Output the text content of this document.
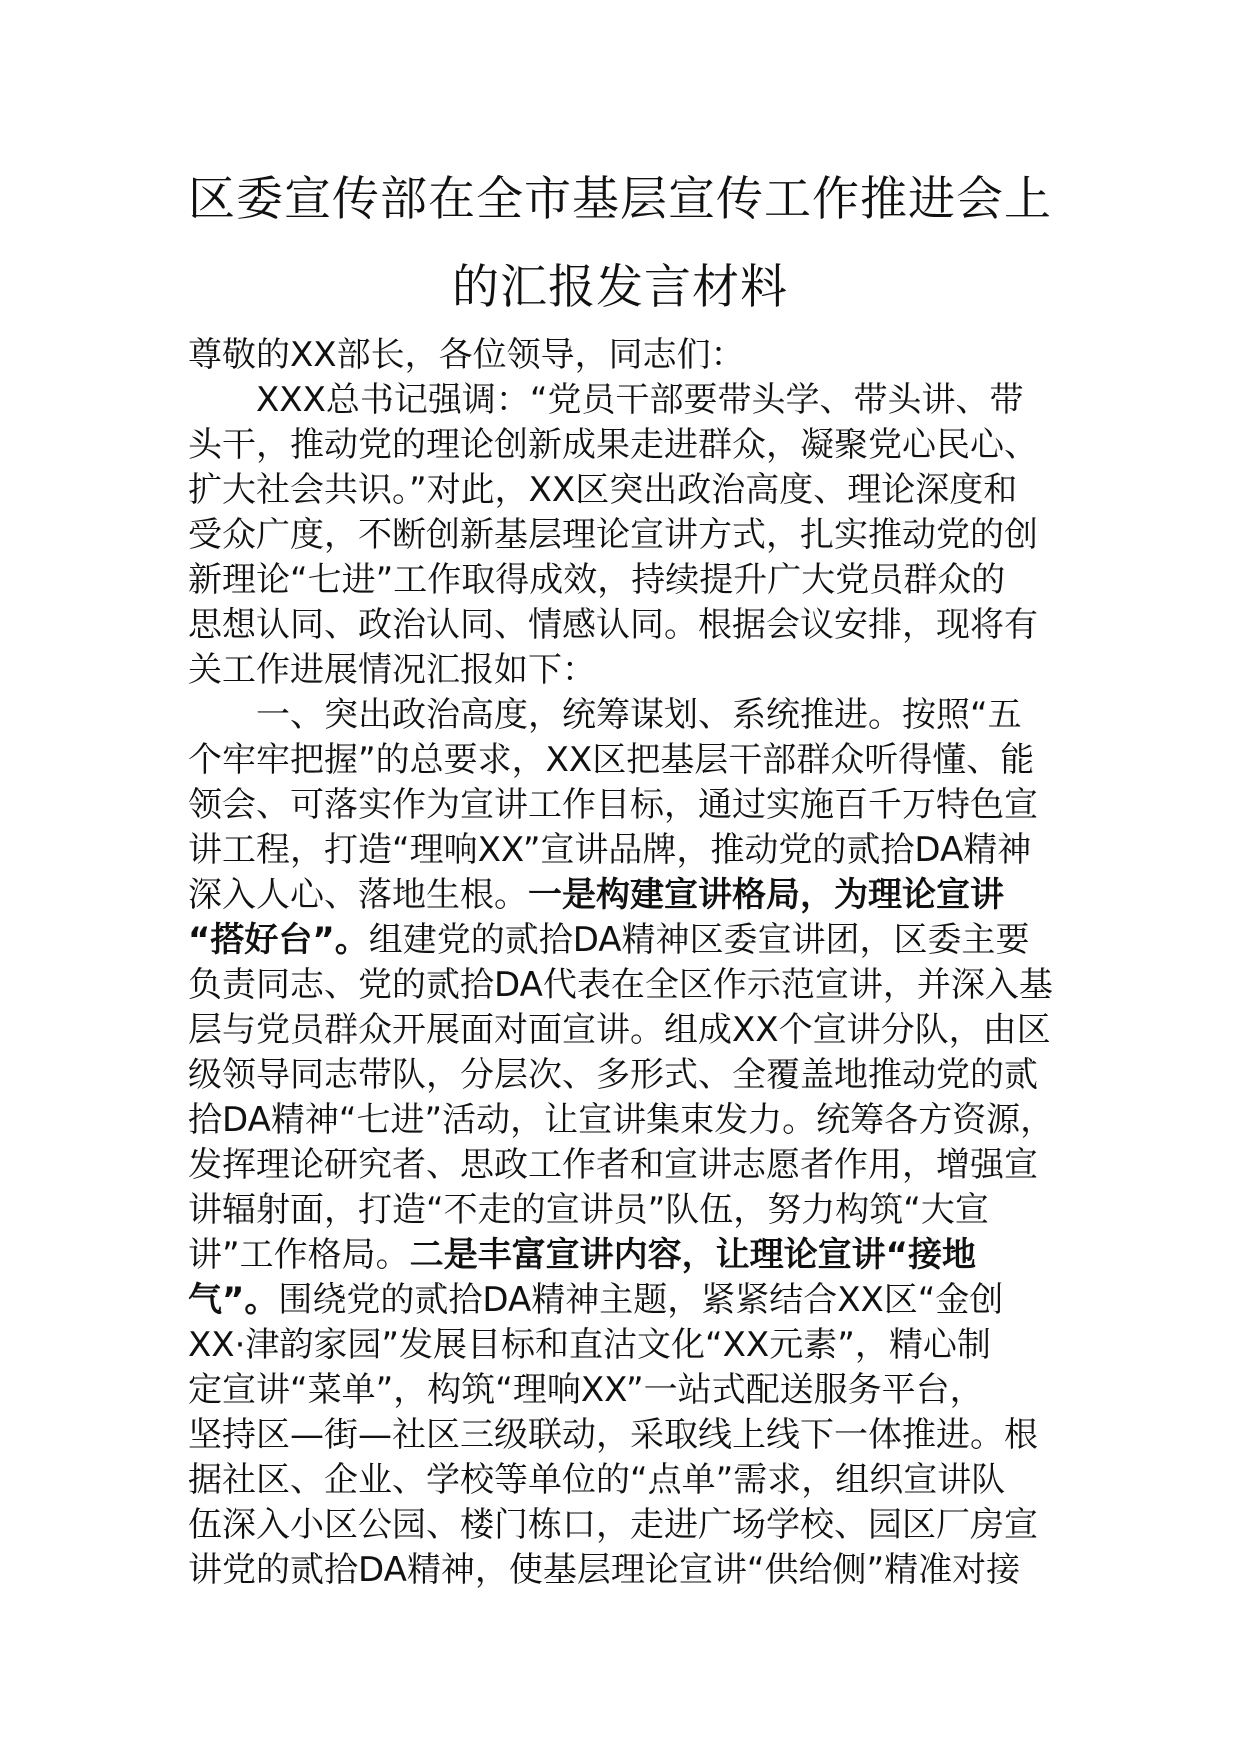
区委宣传部在全市基层宣传工作推进会上
的汇报发言材料
尊敬的XX部长，各位领导，同志们：
XXX总书记强调：“党员干部要带头学、带头讲、带
头干，推动党的理论创新成果走进群众，凝聚党心民心、
扩大社会共识。”对此，XX区突出政治高度、理论深度和
受众广度，不断创新基层理论宣讲方式，扎实推动党的创
新理论“七进”工作取得成效，持续提升广大党员群众的
思想认同、政治认同、情感认同。根据会议安排，现将有
关工作进展情况汇报如下：
一、突出政治高度，统筹谋划、系统推进。按照“五
个牢牢把握”的总要求，XX区把基层干部群众听得懂、能
领会、可落实作为宣讲工作目标，通过实施百千万特色宣
讲工程，打造“理响XX”宣讲品牌，推动党的贰拾DA精神
深入人心、落地生根。一是构建宣讲格局，为理论宣讲
“搭好台”。组建党的贰拾DA精神区委宣讲团，区委主要
负责同志、党的贰拾DA代表在全区作示范宣讲，并深入基
层与党员群众开展面对面宣讲。组成XX个宣讲分队，由区
级领导同志带队，分层次、多形式、全覆盖地推动党的贰
拾DA精神“七进”活动，让宣讲集束发力。统筹各方资源，
发挥理论研究者、思政工作者和宣讲志愿者作用，增强宣
讲辐射面，打造“不走的宣讲员”队伍，努力构筑“大宣
讲”工作格局。二是丰富宣讲内容，让理论宣讲“接地
气”。围绕党的贰拾DA精神主题，紧紧结合XX区“金创
XX·津韵家园”发展目标和直沽文化“XX元素”，精心制
定宣讲“菜单”，构筑“理响XX”一站式配送服务平台，
坚持区—街—社区三级联动，采取线上线下一体推进。根
据社区、企业、学校等单位的“点单”需求，组织宣讲队
伍深入小区公园、楼门栋口，走进广场学校、园区厂房宣
讲党的贰拾DA精神，使基层理论宣讲“供给侧”精准对接
